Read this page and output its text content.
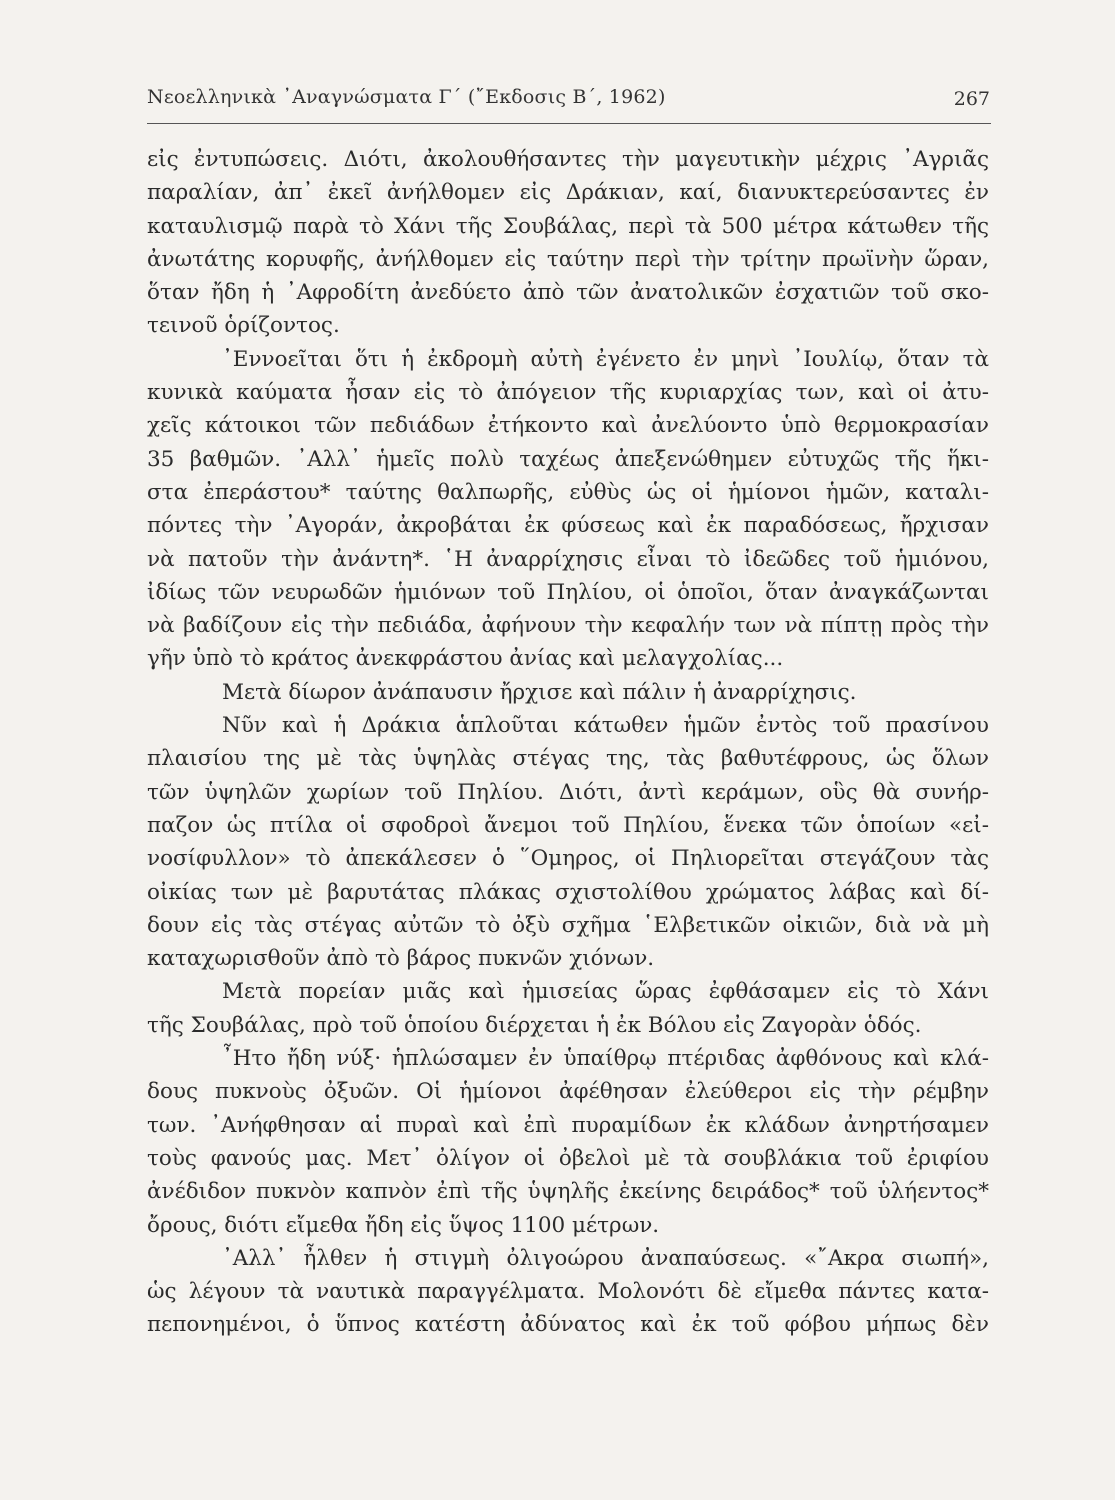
Νεοελληνικὰ ᾿Αναγνώσματα Γ´ (῎Εκδοσις Β´, 1962)	267
εἰς ἐντυπώσεις. Διότι, ἀκολουθήσαντες τὴν μαγευτικὴν μέχρις ᾿Αγριᾶς
παραλίαν, ἀπ᾿ ἐκεῖ ἀνήλθομεν εἰς Δράκιαν, καί, διανυκτερεύσαντες ἐν
καταυλισμῷ παρὰ τὸ Χάνι τῆς Σουβάλας, περὶ τὰ 500 μέτρα κάτωθεν τῆς
ἀνωτάτης κορυφῆς, ἀνήλθομεν εἰς ταύτην περὶ τὴν τρίτην πρωϊνὴν ὥραν,
ὅταν ἤδη ἡ ᾿Αφροδίτη ἀνεδύετο ἀπὸ τῶν ἀνατολικῶν ἐσχατιῶν τοῦ σκο-
τεινοῦ ὁρίζοντος.
᾿Εννοεῖται ὅτι ἡ ἐκδρομὴ αὐτὴ ἐγένετο ἐν μηνὶ ᾿Ιουλίῳ, ὅταν τὰ
κυνικὰ καύματα ἦσαν εἰς τὸ ἀπόγειον τῆς κυριαρχίας των, καὶ οἱ ἀτυ-
χεῖς κάτοικοι τῶν πεδιάδων ἐτήκοντο καὶ ἀνελύοντο ὑπὸ θερμοκρασίαν
35 βαθμῶν. ᾿Αλλ᾿ ἡμεῖς πολὺ ταχέως ἀπεξενώθημεν εὐτυχῶς τῆς ἥκι-
στα ἐπεράστου* ταύτης θαλπωρῆς, εὐθὺς ὡς οἱ ἡμίονοι ἡμῶν, καταλι-
πόντες τὴν ᾿Αγοράν, ἀκροβάται ἐκ φύσεως καὶ ἐκ παραδόσεως, ἤρχισαν
νὰ πατοῦν τὴν ἀνάντη*. ῾Η ἀναρρίχησις εἶναι τὸ ἰδεῶδες τοῦ ἡμιόνου,
ἰδίως τῶν νευρωδῶν ἡμιόνων τοῦ Πηλίου, οἱ ὁποῖοι, ὅταν ἀναγκάζωνται
νὰ βαδίζουν εἰς τὴν πεδιάδα, ἀφήνουν τὴν κεφαλήν των νὰ πίπτῃ πρὸς τὴν
γῆν ὑπὸ τὸ κράτος ἀνεκφράστου ἀνίας καὶ μελαγχολίας...
Μετὰ δίωρον ἀνάπαυσιν ἤρχισε καὶ πάλιν ἡ ἀναρρίχησις.
Νῦν καὶ ἡ Δράκια ἁπλοῦται κάτωθεν ἡμῶν ἐντὸς τοῦ πρασίνου
πλαισίου της μὲ τὰς ὑψηλὰς στέγας της, τὰς βαθυτέφρους, ὡς ὅλων
τῶν ὑψηλῶν χωρίων τοῦ Πηλίου. Διότι, ἀντὶ κεράμων, οὓς θὰ συνήρ-
παζον ὡς πτίλα οἱ σφοδροὶ ἄνεμοι τοῦ Πηλίου, ἕνεκα τῶν ὁποίων «εἰ-
νοσίφυλλον» τὸ ἀπεκάλεσεν ὁ ῞Ομηρος, οἱ Πηλιορεῖται στεγάζουν τὰς
οἰκίας των μὲ βαρυτάτας πλάκας σχιστολίθου χρώματος λάβας καὶ δί-
δουν εἰς τὰς στέγας αὐτῶν τὸ ὀξὺ σχῆμα ῾Ελβετικῶν οἰκιῶν, διὰ νὰ μὴ
καταχωρισθοῦν ἀπὸ τὸ βάρος πυκνῶν χιόνων.
Μετὰ πορείαν μιᾶς καὶ ἡμισείας ὥρας ἐφθάσαμεν εἰς τὸ Χάνι
τῆς Σουβάλας, πρὸ τοῦ ὁποίου διέρχεται ἡ ἐκ Βόλου εἰς Ζαγορὰν ὁδός.
῏Ητο ἤδη νύξ· ἡπλώσαμεν ἐν ὑπαίθρῳ πτέριδας ἀφθόνους καὶ κλά-
δους πυκνοὺς ὀξυῶν. Οἱ ἡμίονοι ἀφέθησαν ἐλεύθεροι εἰς τὴν ρέμβην
των. ᾿Ανήφθησαν αἱ πυραὶ καὶ ἐπὶ πυραμίδων ἐκ κλάδων ἀνηρτήσαμεν
τοὺς φανούς μας. Μετ᾿ ὀλίγον οἱ ὀβελοὶ μὲ τὰ σουβλάκια τοῦ ἐριφίου
ἀνέδιδον πυκνὸν καπνὸν ἐπὶ τῆς ὑψηλῆς ἐκείνης δειράδος* τοῦ ὑλήεντος*
ὄρους, διότι εἴμεθα ἤδη εἰς ὕψος 1100 μέτρων.
᾿Αλλ᾿ ἦλθεν ἡ στιγμὴ ὀλιγοώρου ἀναπαύσεως. «῎Ακρα σιωπή»,
ὡς λέγουν τὰ ναυτικὰ παραγγέλματα. Μολονότι δὲ εἴμεθα πάντες κατα-
πεπονημένοι, ὁ ὕπνος κατέστη ἀδύνατος καὶ ἐκ τοῦ φόβου μήπως δὲν
